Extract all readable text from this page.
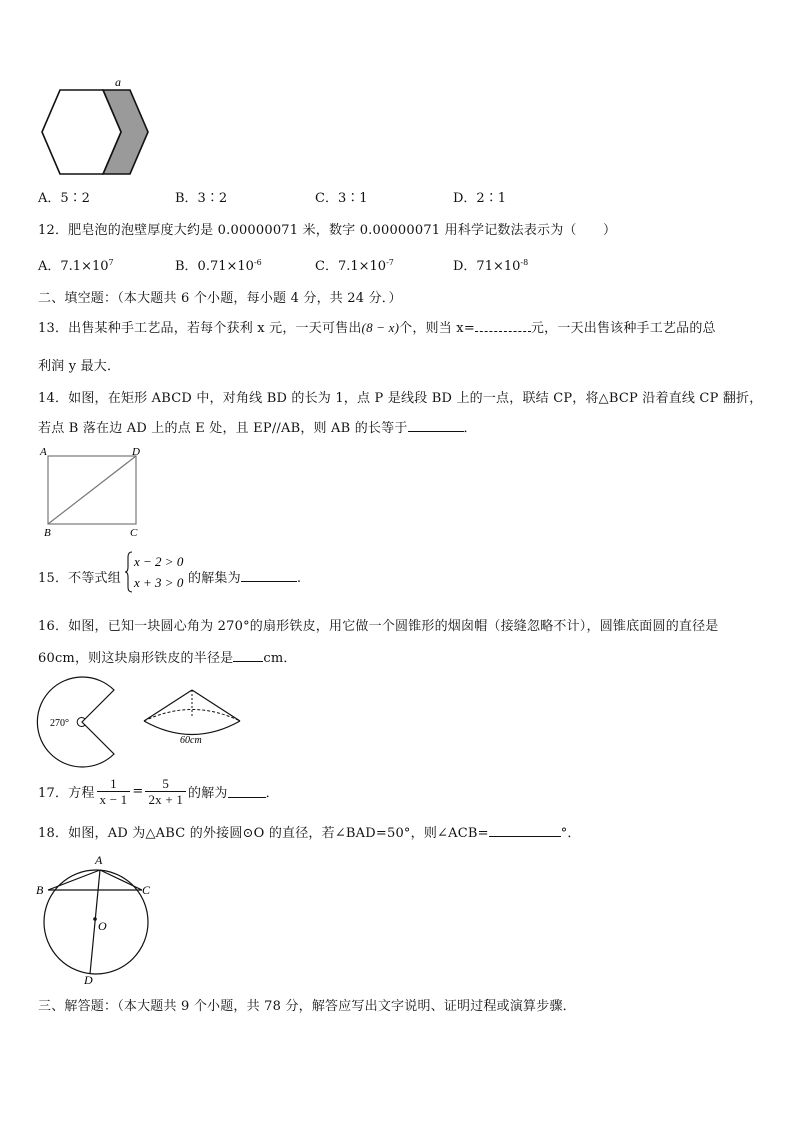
a
A．5∶2	B．3∶2	C．3∶1	D．2∶1
12．肥皂泡的泡壁厚度大约是 0.00000071 米，数字 0.00000071 用科学记数法表示为（　　）
A．$7.1\times 10^7$	B．$0.71\times 10^{-6}$	C．$7.1\times 10^{-7}$	D．$71\times 10^{-8}$
二、填空题：（本大题共 6 个小题，每小题 4 分，共 24 分．）
13．出售某种手工艺品，若每个获利 x 元，一天可售出(8 − x)个，则当 x=	元，一天出售该种手工艺品的总
利润 y 最大．
14．如图，在矩形 ABCD 中，对角线 BD 的长为 1，点 P 是线段 BD 上的一点，联结 CP，将△BCP 沿着直线 CP 翻折，
若点 B 落在边 AD 上的点 E 处，且 EP//AB，则 AB 的长等于	．
A	D
B	C
15．不等式组
x − 2 > 0
x + 3 > 0 的解集为	.
16．如图，已知一块圆心角为 270°的扇形铁皮，用它做一个圆锥形的烟囱帽（接缝忽略不计），圆锥底面圆的直径是
60cm，则这块扇形铁皮的半径是 cm．
270°
60cm
17．方程 $\frac{1}{x - 1} = \frac{5}{2x + 1}$ 的解为	．
18．如图，AD 为△ABC 的外接圆⊙O 的直径，若∠BAD=50°，则∠ACB=	°．
A
B	C
O
D
三、解答题：（本大题共 9 个小题，共 78 分，解答应写出文字说明、证明过程或演算步骤．
